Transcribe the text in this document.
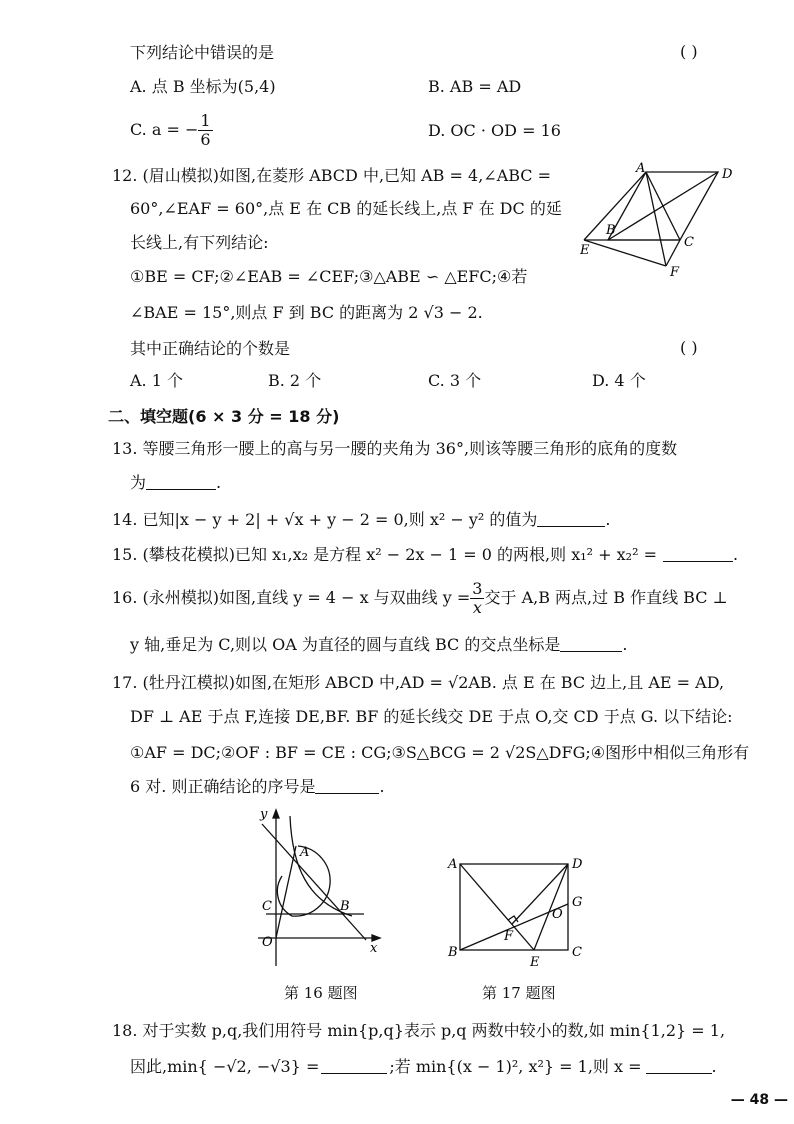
下列结论中错误的是	( )
A. 点 B 坐标为(5,4)	B. AB = AD
C. a = − $\frac{1}{6}$	D. OC · OD = 16
12. (眉山模拟)如图,在菱形 ABCD 中,已知 AB = 4,∠ABC =
60°,∠EAF = 60°,点 E 在 CB 的延长线上,点 F 在 DC 的延
长线上,有下列结论:
①BE = CF;②∠EAB = ∠CEF;③△ABE ∽ △EFC;④若
∠BAE = 15°,则点 F 到 BC 的距离为 2 √3 − 2.
其中正确结论的个数是	( )
A. 1 个	B. 2 个	C. 3 个	D. 4 个
A	D
B
C
E
F
二、填空题(6 × 3 分 = 18 分)
13. 等腰三角形一腰上的高与另一腰的夹角为 36°,则该等腰三角形的底角的度数
为	.
14. 已知|x − y + 2| + √x + y − 2 = 0,则 x² − y² 的值为	.
15. (攀枝花模拟)已知 x₁,x₂ 是方程 x² − 2x − 1 = 0 的两根,则 x₁² + x₂² =	.
16. (永州模拟)如图,直线 y = 4 − x 与双曲线 $y = \frac{3}{x}$ 交于 A,B 两点,过 B 作直线 BC ⊥
y 轴,垂足为 C,则以 OA 为直径的圆与直线 BC 的交点坐标是	.
17. (牡丹江模拟)如图,在矩形 ABCD 中,AD = √2AB. 点 E 在 BC 边上,且 AE = AD,
DF ⊥ AE 于点 F,连接 DE,BF. BF 的延长线交 DE 于点 O,交 CD 于点 G. 以下结论:
①AF = DC;②OF : BF = CE : CG;③S△BCG = 2 √2S△DFG;④图形中相似三角形有
6 对. 则正确结论的序号是	.
y
x
A
B
C
O
第 16 题图
A	D
B	C
E
F
G
O
第 17 题图
18. 对于实数 p,q,我们用符号 min{p,q}表示 p,q 两数中较小的数,如 min{1,2} = 1,
因此,min{ −√2, −√3} =	;若 min{(x − 1)², x²} = 1,则 x =	.
— 48 —
